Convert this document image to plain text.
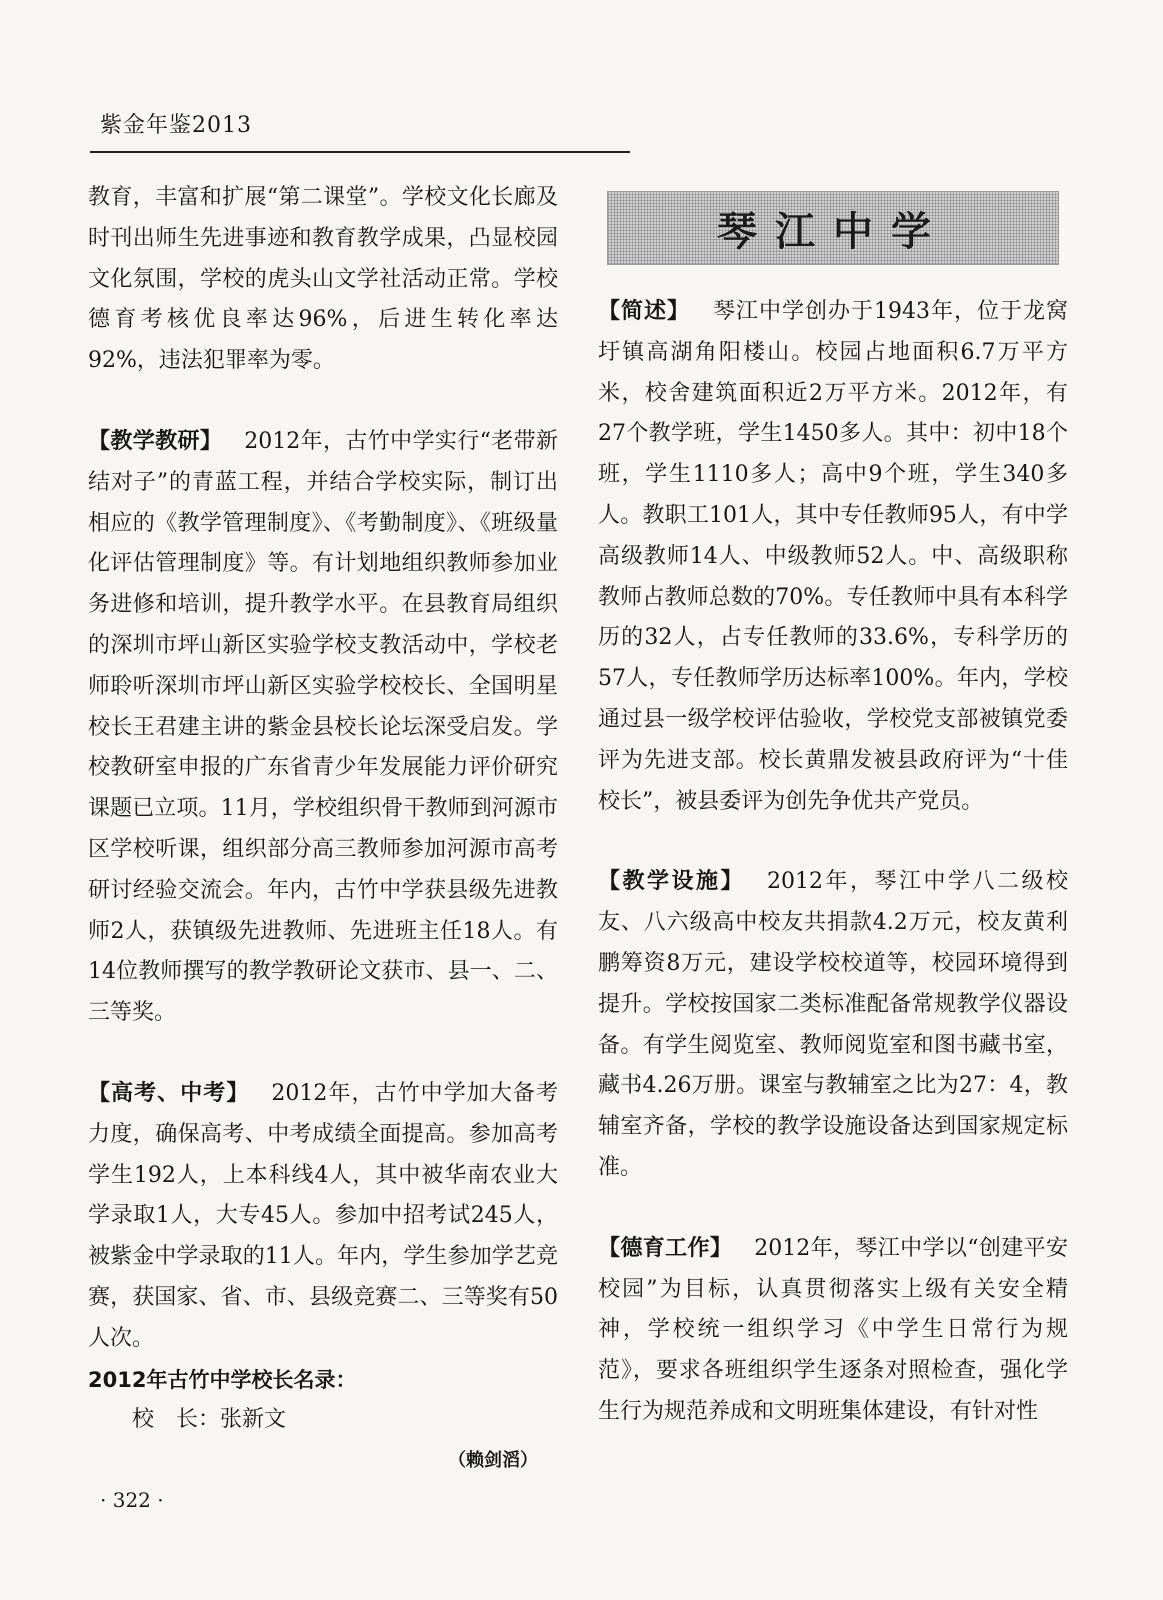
紫金年鉴2013

教育，丰富和扩展“第二课堂”。学校文化长廊及时刊出师生先进事迹和教育教学成果，凸显校园文化氛围，学校的虎头山文学社活动正常。学校德育考核优良率达96%，后进生转化率达92%，违法犯罪率为零。

【教学教研】  2012年，古竹中学实行“老带新结对子”的青蓝工程，并结合学校实际，制订出相应的《教学管理制度》、《考勤制度》、《班级量化评估管理制度》等。有计划地组织教师参加业务进修和培训，提升教学水平。在县教育局组织的深圳市坪山新区实验学校支教活动中，学校老师聆听深圳市坪山新区实验学校校长、全国明星校长王君建主讲的紫金县校长论坛深受启发。学校教研室申报的广东省青少年发展能力评价研究课题已立项。11月，学校组织骨干教师到河源市区学校听课，组织部分高三教师参加河源市高考研讨经验交流会。年内，古竹中学获县级先进教师2人，获镇级先进教师、先进班主任18人。有14位教师撰写的教学教研论文获市、县一、二、三等奖。

【高考、中考】  2012年，古竹中学加大备考力度，确保高考、中考成绩全面提高。参加高考学生192人，上本科线4人，其中被华南农业大学录取1人，大专45人。参加中招考试245人，被紫金中学录取的11人。年内，学生参加学艺竞赛，获国家、省、市、县级竞赛二、三等奖有50人次。

2012年古竹中学校长名录：

校　长：张新文

（赖剑滔）

琴江中学

【简述】  琴江中学创办于1943年，位于龙窝圩镇高湖角阳楼山。校园占地面积6.7万平方米，校舍建筑面积近2万平方米。2012年，有27个教学班，学生1450多人。其中：初中18个班，学生1110多人；高中9个班，学生340多人。教职工101人，其中专任教师95人，有中学高级教师14人、中级教师52人。中、高级职称教师占教师总数的70%。专任教师中具有本科学历的32人，占专任教师的33.6%，专科学历的57人，专任教师学历达标率100%。年内，学校通过县一级学校评估验收，学校党支部被镇党委评为先进支部。校长黄鼎发被县政府评为“十佳校长”，被县委评为创先争优共产党员。

【教学设施】  2012年，琴江中学八二级校友、八六级高中校友共捐款4.2万元，校友黄利鹏筹资8万元，建设学校校道等，校园环境得到提升。学校按国家二类标准配备常规教学仪器设备。有学生阅览室、教师阅览室和图书藏书室，藏书4.26万册。课室与教辅室之比为27：4，教辅室齐备，学校的教学设施设备达到国家规定标准。

【德育工作】  2012年，琴江中学以“创建平安校园”为目标，认真贯彻落实上级有关安全精神，学校统一组织学习《中学生日常行为规范》，要求各班组织学生逐条对照检查，强化学生行为规范养成和文明班集体建设，有针对性

· 322 ·
